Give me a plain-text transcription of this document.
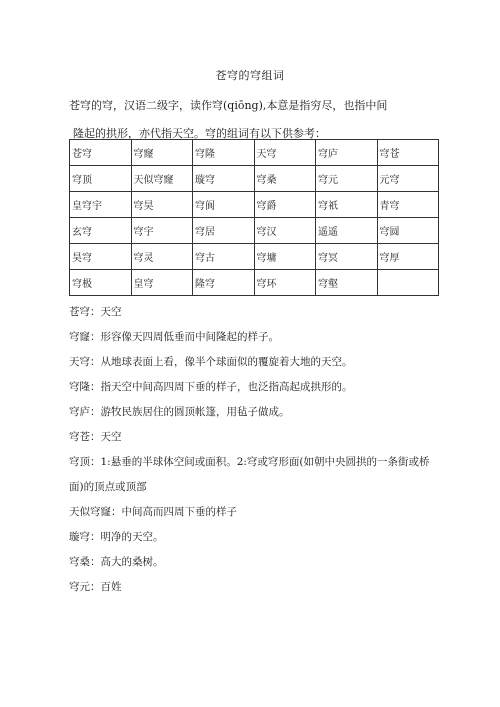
苍穹的穹组词
苍穹的穹，汉语二级字，读作穹(qiōng),本意是指穷尽，也指中间
隆起的拱形，亦代指天空。穹的组词有以下供参考：
苍穹	穹窿	穹隆	天穹	穹庐	穹苍
穹顶	天似穹窿	璇穹	穹桑	穹元	元穹
皇穹宇	穹昊	穹阆	穹爵	穹祇	青穹
玄穹	穹宇	穹居	穹汉	遥遥	穹圆
昊穹	穹灵	穹古	穹墉	穹冥	穹厚
穹极	皇穹	隆穹	穹环	穹壑	
苍穹：天空
穹窿：形容像天四周低垂而中间隆起的样子。
天穹：从地球表面上看，像半个球面似的覆旋着大地的天空。
穹隆：指天空中间高四周下垂的样子，也泛指高起成拱形的。
穹庐：游牧民族居住的圆顶帐篷，用毡子做成。
穹苍：天空
穹顶：1:悬垂的半球体空间或面积。2:穹或穹形面(如朝中央圆拱的一条街或桥面)的顶点或顶部
天似穹窿：中间高而四周下垂的样子
璇穹：明净的天空。
穹桑：高大的桑树。
穹元：百姓
